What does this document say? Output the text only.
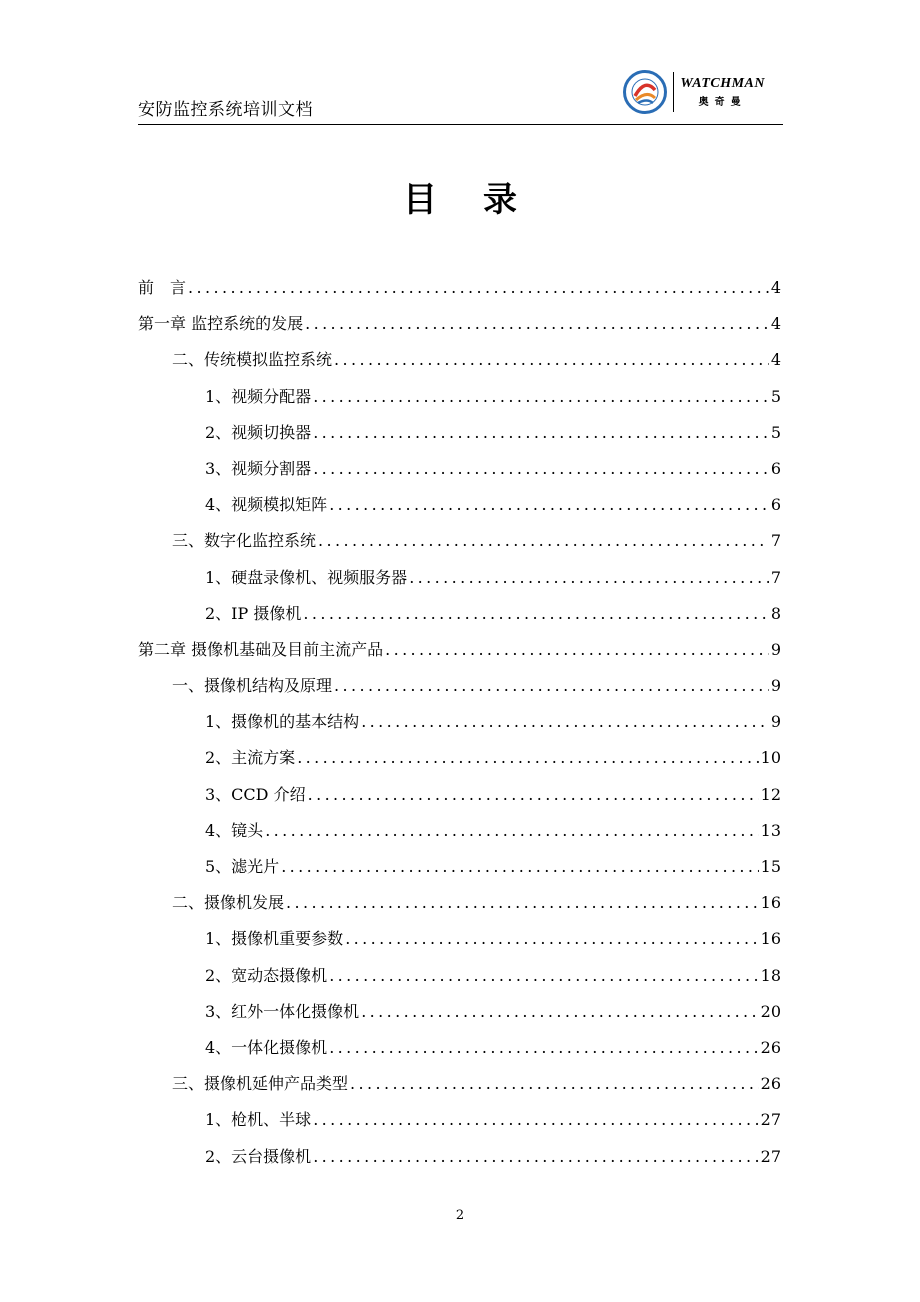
安防监控系统培训文档
WATCHMAN
奥奇曼
目录
前　言 .....	4
第一章 监控系统的发展 .....	4
二、传统模拟监控系统 .....	4
1、视频分配器 .....	5
2、视频切换器 .....	5
3、视频分割器 .....	6
4、视频模拟矩阵 .....	6
三、数字化监控系统 .....	7
1、硬盘录像机、视频服务器 .....	7
2、IP 摄像机 .....	8
第二章 摄像机基础及目前主流产品 .....	9
一、摄像机结构及原理 .....	9
1、摄像机的基本结构 .....	9
2、主流方案 .....	10
3、CCD 介绍 .....	12
4、镜头 .....	13
5、滤光片 .....	15
二、摄像机发展 .....	16
1、摄像机重要参数 .....	16
2、宽动态摄像机 .....	18
3、红外一体化摄像机 .....	20
4、一体化摄像机 .....	26
三、摄像机延伸产品类型 .....	26
1、枪机、半球 .....	27
2、云台摄像机 .....	27
2
